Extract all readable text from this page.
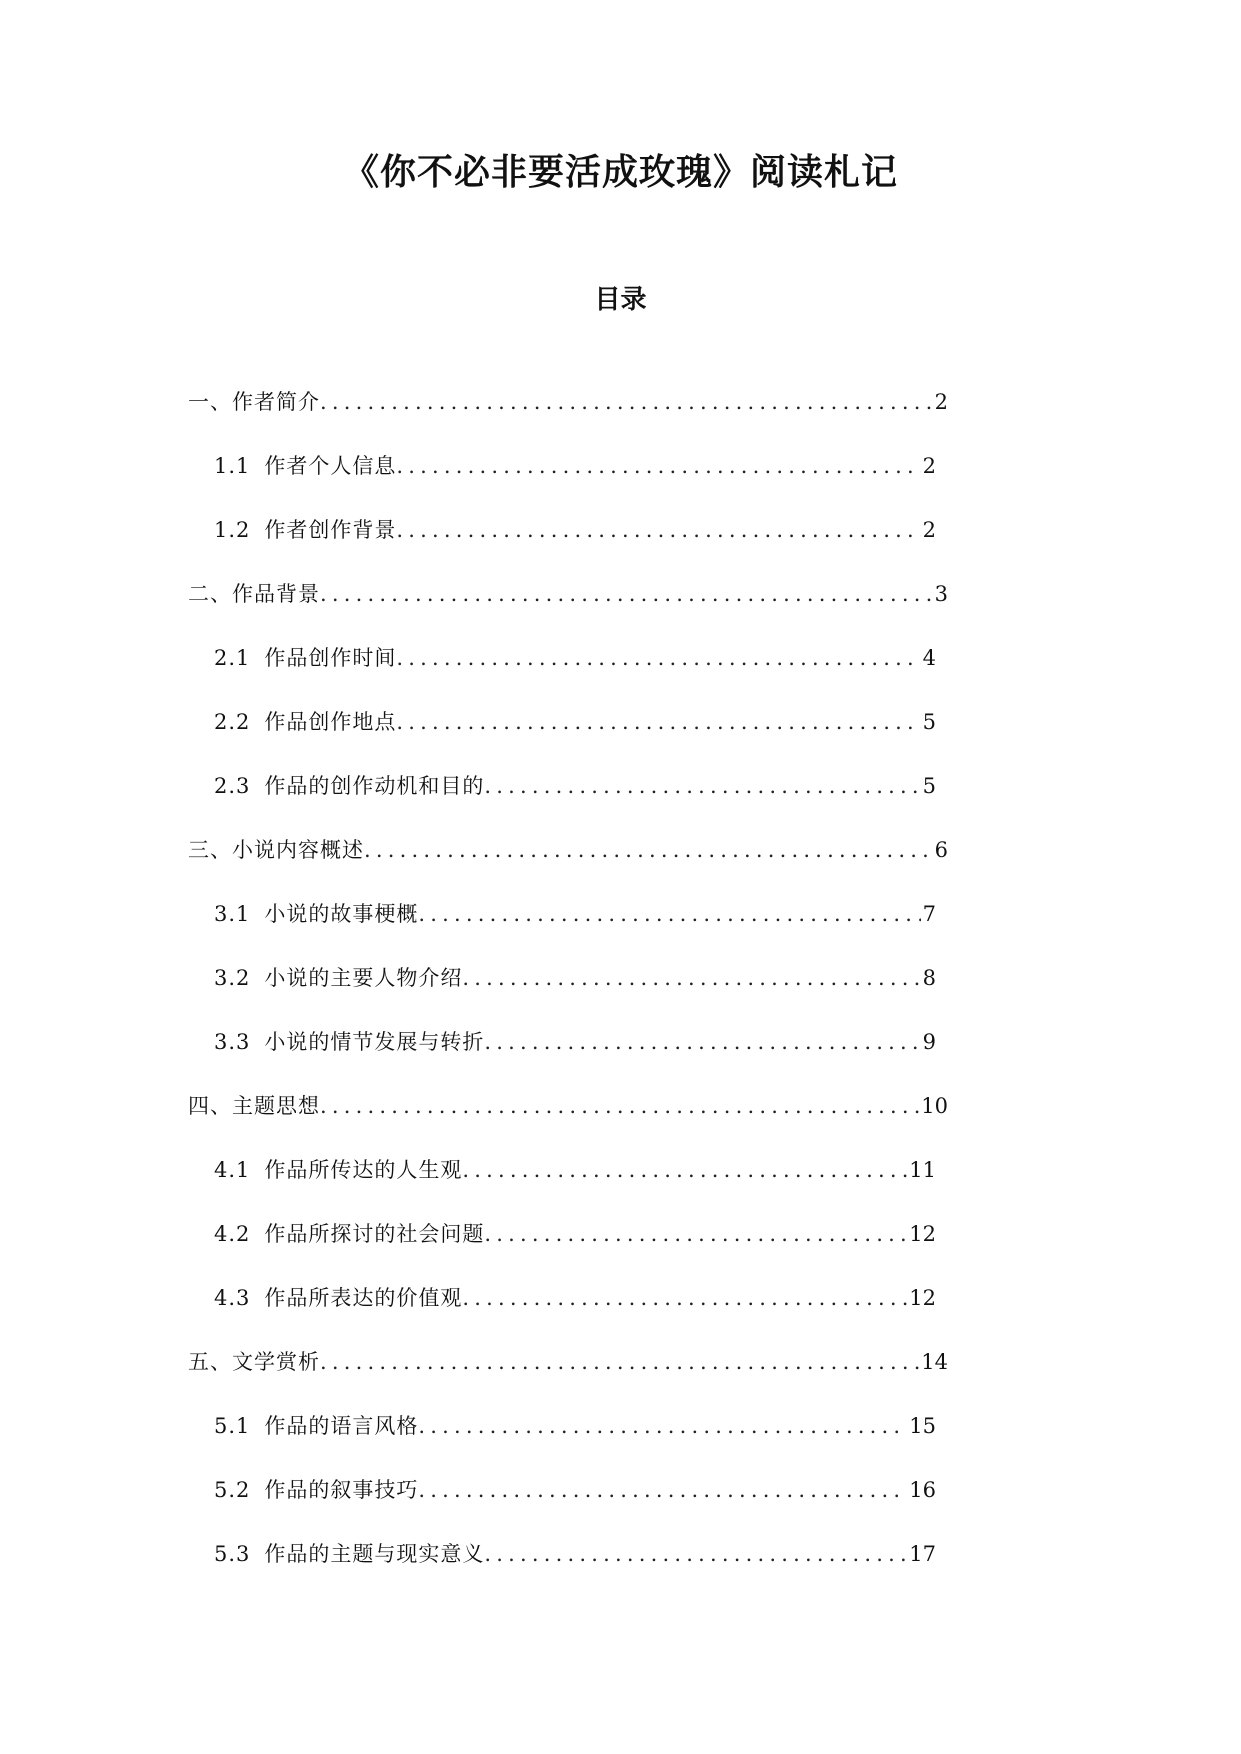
《你不必非要活成玫瑰》阅读札记
目录
一、 作者简介 .....	2
1.1 作者个人信息 .....	2
1.2 作者创作背景 .....	2
二、 作品背景 .....	3
2.1 作品创作时间 .....	4
2.2 作品创作地点 .....	5
2.3 作品的创作动机和目的 .....	5
三、 小说内容概述 .....	6
3.1 小说的故事梗概 .....	7
3.2 小说的主要人物介绍 .....	8
3.3 小说的情节发展与转折 .....	9
四、 主题思想 .....	10
4.1 作品所传达的人生观 .....	11
4.2 作品所探讨的社会问题 .....	12
4.3 作品所表达的价值观 .....	12
五、 文学赏析 .....	14
5.1 作品的语言风格 .....	15
5.2 作品的叙事技巧 .....	16
5.3 作品的主题与现实意义 .....	17
